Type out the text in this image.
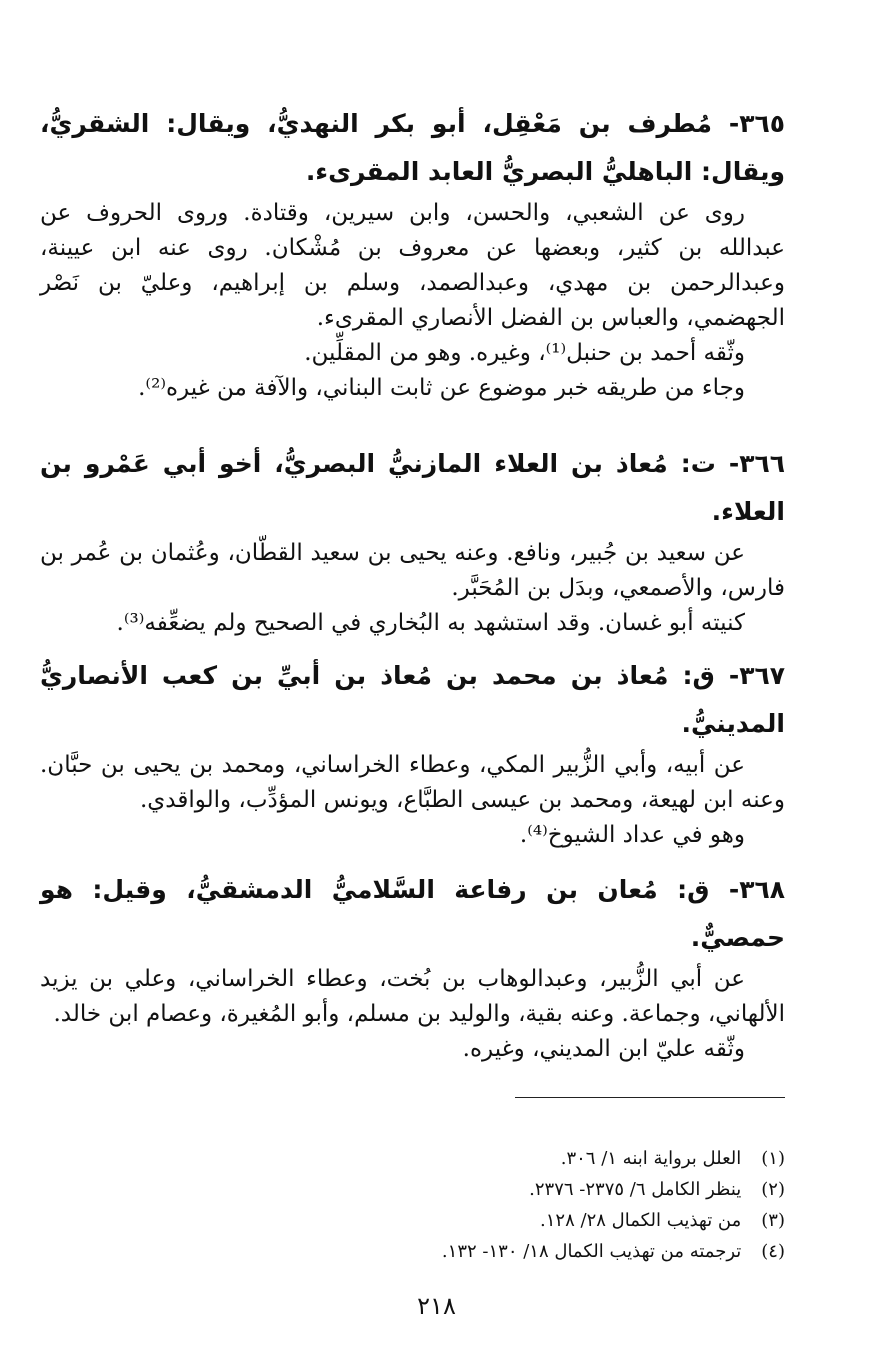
٣٦٥- مُطرف بن مَعْقِل، أبو بكر النهديُّ، ويقال: الشقريُّ، ويقال: الباهليُّ البصريُّ العابد المقرىء.
روى عن الشعبي، والحسن، وابن سيرين، وقتادة. وروى الحروف عن عبدالله بن كثير، وبعضها عن معروف بن مُشْكان. روى عنه ابن عيينة، وعبدالرحمن بن مهدي، وعبدالصمد، وسلم بن إبراهيم، وعليّ بن نَصْر الجهضمي، والعباس بن الفضل الأنصاري المقرىء.
وثّقه أحمد بن حنبل⁽¹⁾، وغيره. وهو من المقلِّين.
وجاء من طريقه خبر موضوع عن ثابت البناني، والآفة من غيره⁽²⁾.
٣٦٦- ت: مُعاذ بن العلاء المازنيُّ البصريُّ، أخو أبي عَمْرو بن العلاء.
عن سعيد بن جُبير، ونافع. وعنه يحيى بن سعيد القطّان، وعُثمان بن عُمر بن فارس، والأصمعي، وبدَل بن المُحَبَّر.
كنيته أبو غسان. وقد استشهد به البُخاري في الصحيح ولم يضعِّفه⁽³⁾.
٣٦٧- ق: مُعاذ بن محمد بن مُعاذ بن أبيِّ بن كعب الأنصاريُّ المدينيُّ.
عن أبيه، وأبي الزُّبير المكي، وعطاء الخراساني، ومحمد بن يحيى بن حبَّان. وعنه ابن لهيعة، ومحمد بن عيسى الطبَّاع، ويونس المؤدِّب، والواقدي.
وهو في عداد الشيوخ⁽⁴⁾.
٣٦٨- ق: مُعان بن رفاعة السَّلاميُّ الدمشقيُّ، وقيل: هو حمصيٌّ.
عن أبي الزُّبير، وعبدالوهاب بن بُخت، وعطاء الخراساني، وعلي بن يزيد الألهاني، وجماعة. وعنه بقية، والوليد بن مسلم، وأبو المُغيرة، وعصام ابن خالد.
وثّقه عليّ ابن المديني، وغيره.
(١)العلل برواية ابنه ١/ ٣٠٦.
(٢)ينظر الكامل ٦/ ٢٣٧٥- ٢٣٧٦.
(٣)من تهذيب الكمال ٢٨/ ١٢٨.
(٤)ترجمته من تهذيب الكمال ١٨/ ١٣٠- ١٣٢.
٢١٨
